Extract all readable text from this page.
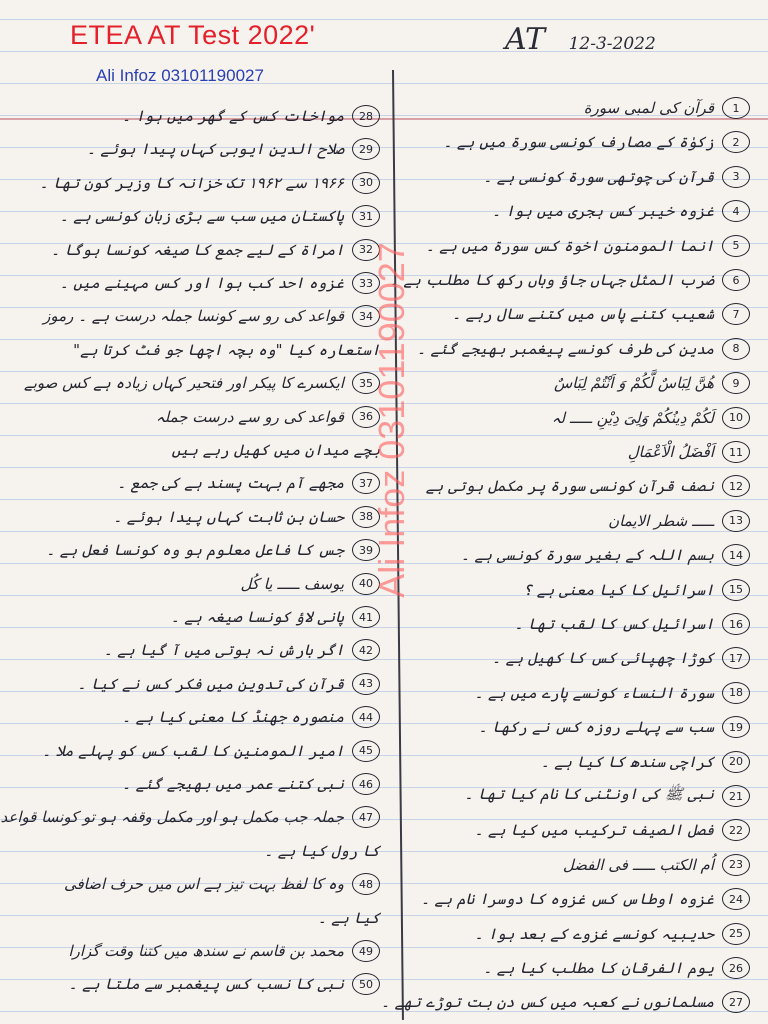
ETEA AT Test 2022'
Ali Infoz 03101190027
AT 12-3-2022
قرآن کی لمبی سورة	1
زکوٰۃ کے مصارف کونسی سورة میں ہے ۔	2
قرآن کی چوتھی سورة کونسی ہے ۔	3
غزوہ خیبر کس ہجری میں ہوا ۔	4
انما المومنون اخوۃ کس سورة میں ہے ۔	5
ضرب المثل جہاں جاؤ وہاں رکھ کا مطلب ہے ۔	6
شعیب کتنے پاس میں کتنے سال رہے ۔	7
مدین کی طرف کونسے پیغمبر بھیجے گئے ۔	8
ھُنَّ لِبَاسٌ لَّكُمْ وَ اَنْتُمْ لِبَاسٌ	9
لَکُمْ دِینُکُمْ وَلِیَ دِیْنِ ـــــ لہ	10
اَفْضَلُ الْاَعْمَالِ	11
نصف قرآن کونسی سورة پر مکمل ہوتی ہے	12
ـــــ شطر الایمان	13
بسم اللہ کے بغیر سورة کونسی ہے ۔	14
اسرائیل کا کیا معنی ہے ؟	15
اسرائیل کس کا لقب تھا ۔	16
کوڑا چھپائی کس کا کھیل ہے ۔	17
سورة النساء کونسے پارے میں ہے ۔	18
سب سے پہلے روزہ کس نے رکھا ۔	19
کراچی سندھ کا کیا ہے ۔	20
نبی ﷺ کی اونٹنی کا نام کیا تھا ۔	21
فصل الصیف ترکیب میں کیا ہے ۔	22
اُم الکتب ـــــ فی الفضل	23
غزوہ اوطاس کس غزوہ کا دوسرا نام ہے ۔	24
حدیبیہ کونسے غزوے کے بعد ہوا ۔	25
یوم الفرقان کا مطلب کیا ہے ۔	26
مسلمانوں نے کعبہ میں کس دن بت توڑے تھے ۔	27
مواخات کس کے گھر میں ہوا ۔	28
صلاح الدین ایوبی کہاں پیدا ہوئے ۔	29
۱۹۶۶ سے ۱۹۶۲ تک خزانہ کا وزیر کون تھا ۔	30
پاکستان میں سب سے بڑی زبان کونسی ہے ۔	31
امراۃ کے لیے جمع کا صیغہ کونسا ہوگا ۔	32
غزوہ احد کب ہوا اور کس مہینے میں ۔	33
قواعد کی رو سے کونسا جملہ درست ہے ۔ رموز	34
استعارہ کیا "وہ بچہ اچھا جو فٹ کرتا ہے"
ایکسرے کا پیکر اور فتحیر کہاں زیادہ ہے کس صوبے	35
قواعد کی رو سے درست جملہ	36
بچے میدان میں کھیل رہے ہیں
مجھے آم بہت پسند ہے کی جمع ۔	37
حسان بن ثابت کہاں پیدا ہوئے ۔	38
جس کا فاعل معلوم ہو وہ کونسا فعل ہے ۔	39
یوسف ـــــ یا کُل	40
پانی لاؤ کونسا صیغہ ہے ۔	41
اگر بارش نہ ہوتی میں آ گیا ہے ۔	42
قرآن کی تدوین میں فکر کس نے کیا ۔	43
منصورہ جھنڈ کا معنی کیا ہے ۔	44
امیر المومنین کا لقب کس کو پہلے ملا ۔	45
نبی کتنے عمر میں بھیجے گئے ۔	46
جملہ جب مکمل ہو اور مکمل وقفہ ہو تو کونسا قواعد	47
کا رول کیا ہے ۔
وہ کا لفظ بہت تیز ہے اس میں حرف اضافی	48
کیا ہے ۔
محمد بن قاسم نے سندھ میں کتنا وقت گزارا	49
نبی کا نسب کس پیغمبر سے ملتا ہے ۔	50
Ali Infoz 03101190027
